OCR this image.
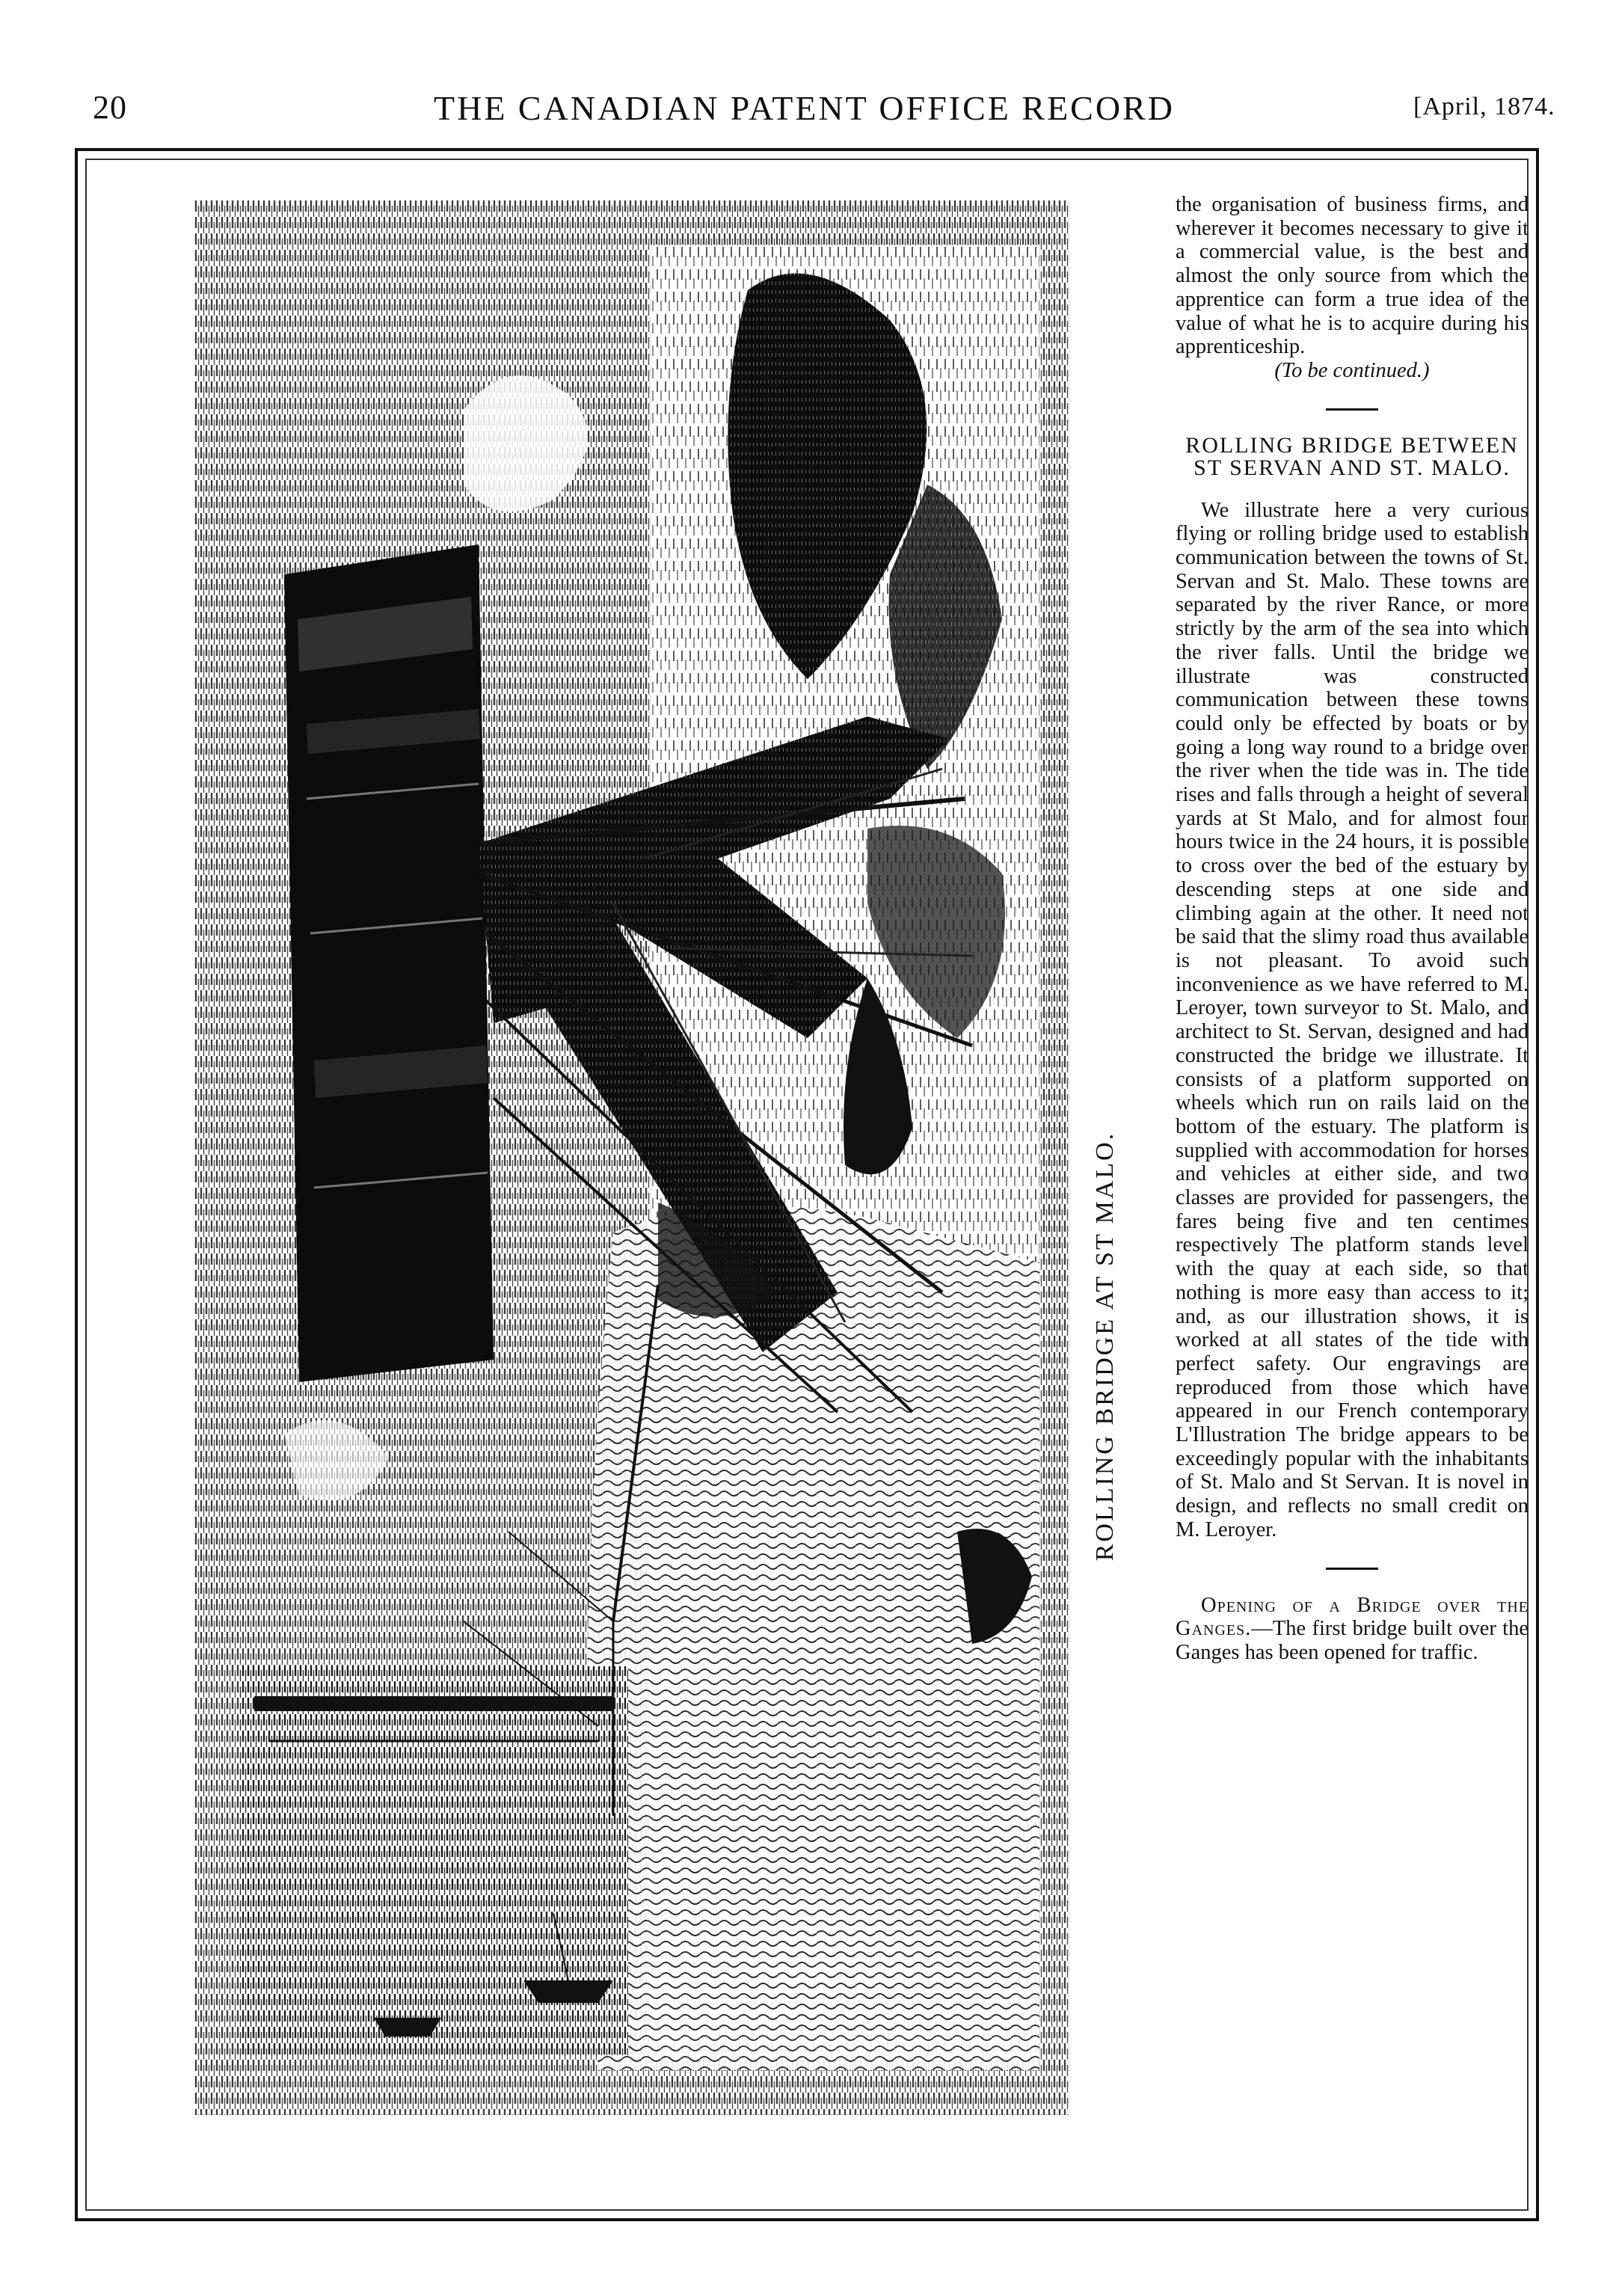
20	THE CANADIAN PATENT OFFICE RECORD	[April, 1874.
ROLLING BRIDGE AT ST MALO.

the organisation of business firms, and wherever it becomes necessary to give it a commercial value, is the best and almost the only source from which the apprentice can form a true idea of the value of what he is to acquire during his apprenticeship.

(To be continued.)

ROLLING BRIDGE BETWEEN ST SERVAN AND ST. MALO.

We illustrate here a very curious flying or rolling bridge used to establish communication between the towns of St. Servan and St. Malo. These towns are separated by the river Rance, or more strictly by the arm of the sea into which the river falls. Until the bridge we illustrate was constructed communication between these towns could only be effected by boats or by going a long way round to a bridge over the river when the tide was in. The tide rises and falls through a height of several yards at St Malo, and for almost four hours twice in the 24 hours, it is possible to cross over the bed of the estuary by descending steps at one side and climbing again at the other. It need not be said that the slimy road thus available is not pleasant. To avoid such inconvenience as we have referred to M. Leroyer, town surveyor to St. Malo, and architect to St. Servan, designed and had constructed the bridge we illustrate. It consists of a platform supported on wheels which run on rails laid on the bottom of the estuary. The platform is supplied with accommodation for horses and vehicles at either side, and two classes are provided for passengers, the fares being five and ten centimes respectively The platform stands level with the quay at each side, so that nothing is more easy than access to it; and, as our illustration shows, it is worked at all states of the tide with perfect safety. Our engravings are reproduced from those which have appeared in our French contemporary L'Illustration The bridge appears to be exceedingly popular with the inhabitants of St. Malo and St Servan. It is novel in design, and reflects no small credit on M. Leroyer.

Opening of a Bridge over the Ganges.—The first bridge built over the Ganges has been opened for traffic.
